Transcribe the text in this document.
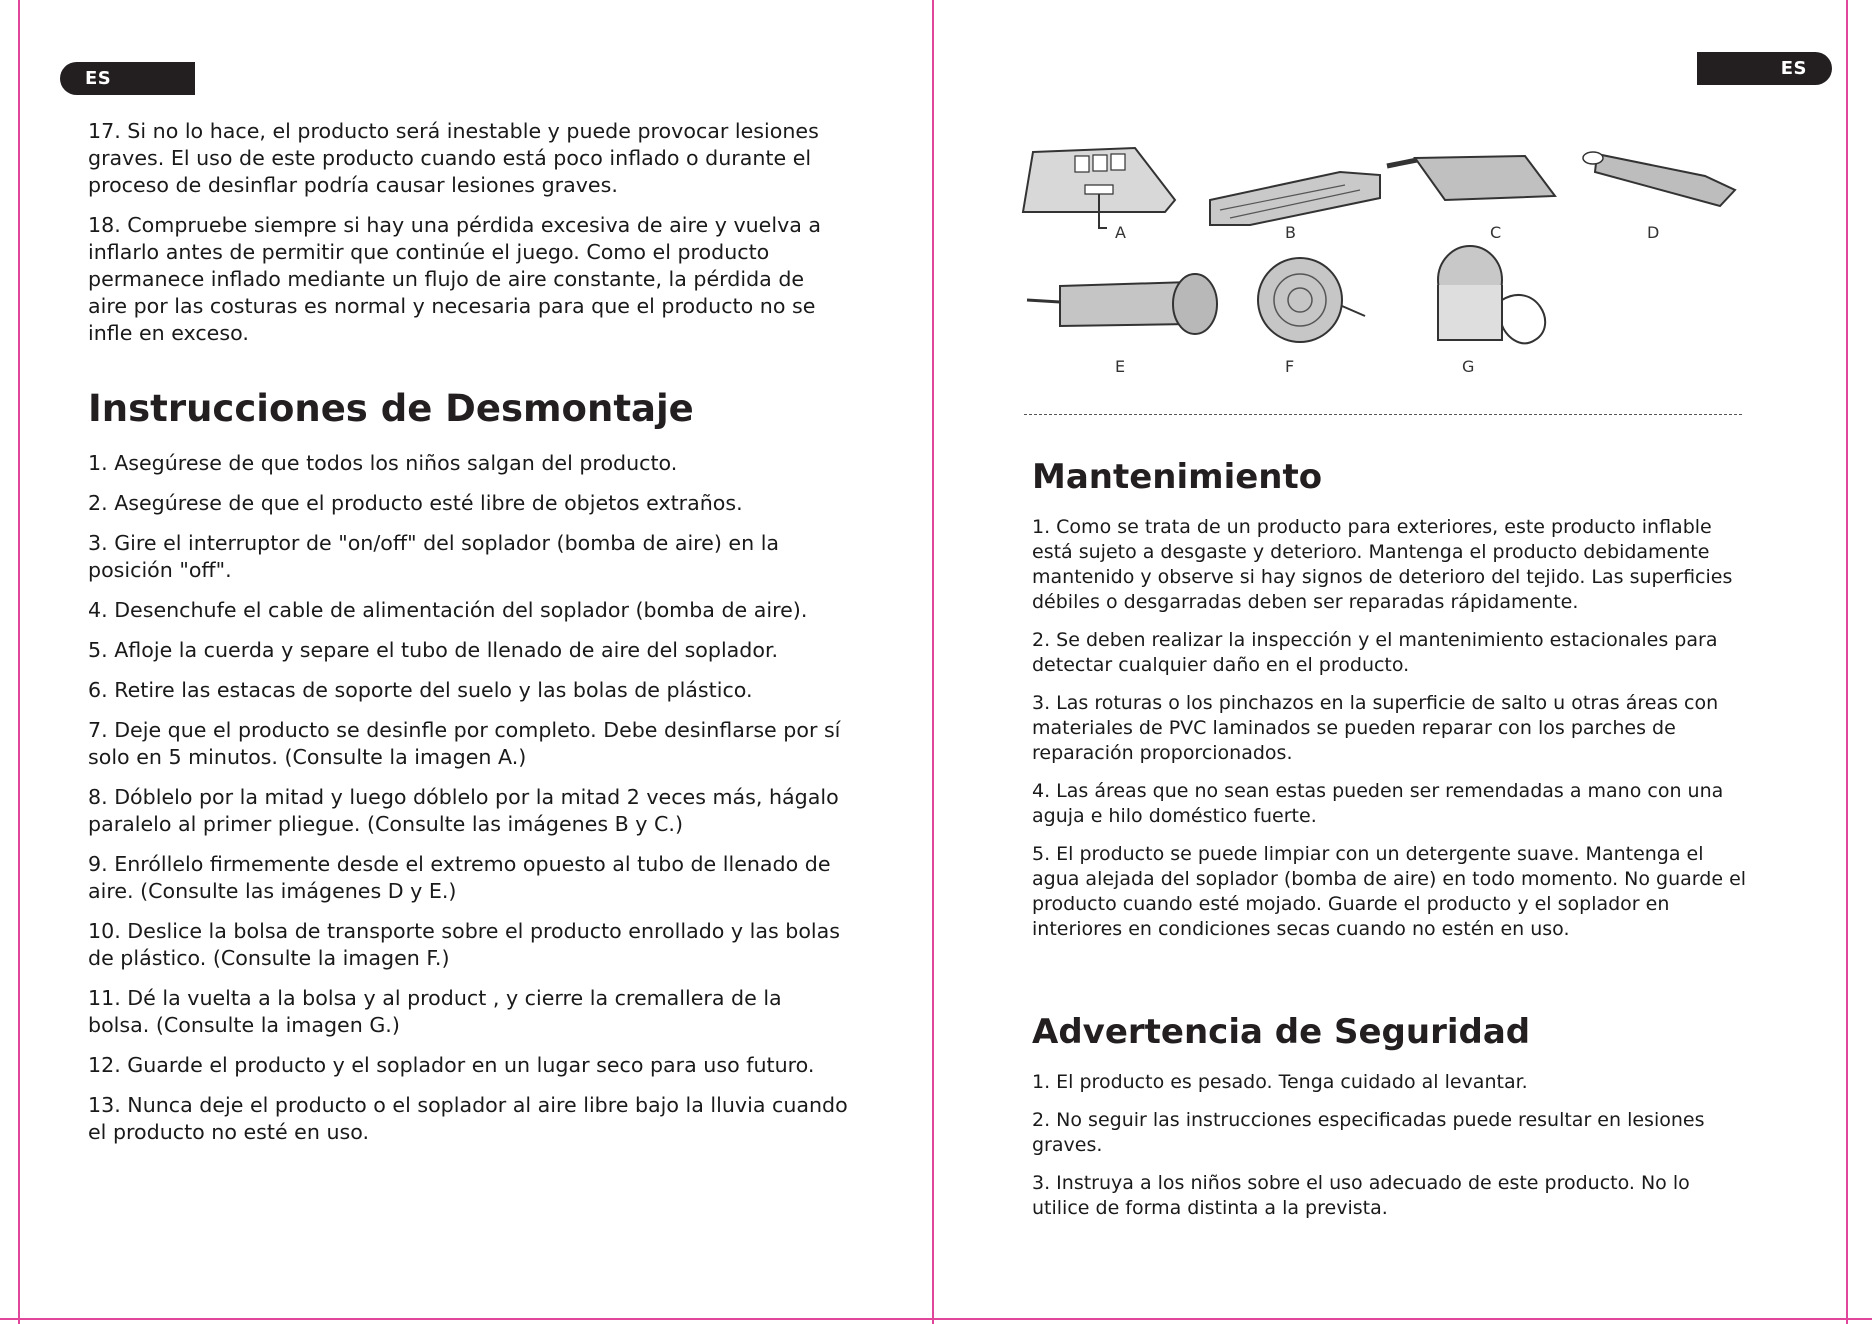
ES

17. Si no lo hace, el producto será inestable y puede provocar lesiones graves. El uso de este producto cuando está poco inflado o durante el proceso de desinflar podría causar lesiones graves.

18. Compruebe siempre si hay una pérdida excesiva de aire y vuelva a inflarlo antes de permitir que continúe el juego. Como el producto permanece inflado mediante un flujo de aire constante, la pérdida de aire por las costuras es normal y necesaria para que el producto no se infle en exceso.

Instrucciones de Desmontaje

1. Asegúrese de que todos los niños salgan del producto.

2. Asegúrese de que el producto esté libre de objetos extraños.

3. Gire el interruptor de "on/off" del soplador (bomba de aire) en la posición "off".

4. Desenchufe el cable de alimentación del soplador (bomba de aire).

5. Afloje la cuerda y separe el tubo de llenado de aire del soplador.

6. Retire las estacas de soporte del suelo y las bolas de plástico.

7. Deje que el producto se desinfle por completo. Debe desinflarse por sí solo en 5 minutos. (Consulte la imagen A.)

8. Dóblelo por la mitad y luego dóblelo por la mitad 2 veces más, hágalo paralelo al primer pliegue. (Consulte las imágenes B y C.)

9. Enróllelo firmemente desde el extremo opuesto al tubo de llenado de aire. (Consulte las imágenes D y E.)

10. Deslice la bolsa de transporte sobre el producto enrollado y las bolas de plástico. (Consulte la imagen F.)

11. Dé la vuelta a la bolsa y al product , y cierre la cremallera de la bolsa. (Consulte la imagen G.)

12. Guarde el producto y el soplador en un lugar seco para uso futuro.

13. Nunca deje el producto o el soplador al aire libre bajo la lluvia cuando el producto no esté en uso.

ES
A	B	C	D
E	F	G
Mantenimiento

1. Como se trata de un producto para exteriores, este producto inflable está sujeto a desgaste y deterioro. Mantenga el producto debidamente mantenido y observe si hay signos de deterioro del tejido. Las superficies débiles o desgarradas deben ser reparadas rápidamente.

2. Se deben realizar la inspección y el mantenimiento estacionales para detectar cualquier daño en el producto.

3. Las roturas o los pinchazos en la superficie de salto u otras áreas con materiales de PVC laminados se pueden reparar con los parches de reparación proporcionados.

4. Las áreas que no sean estas pueden ser remendadas a mano con una aguja e hilo doméstico fuerte.

5. El producto se puede limpiar con un detergente suave. Mantenga el agua alejada del soplador (bomba de aire) en todo momento. No guarde el producto cuando esté mojado. Guarde el producto y el soplador en interiores en condiciones secas cuando no estén en uso.

Advertencia de Seguridad

1. El producto es pesado. Tenga cuidado al levantar.

2. No seguir las instrucciones especificadas puede resultar en lesiones graves.

3. Instruya a los niños sobre el uso adecuado de este producto. No lo utilice de forma distinta a la prevista.
